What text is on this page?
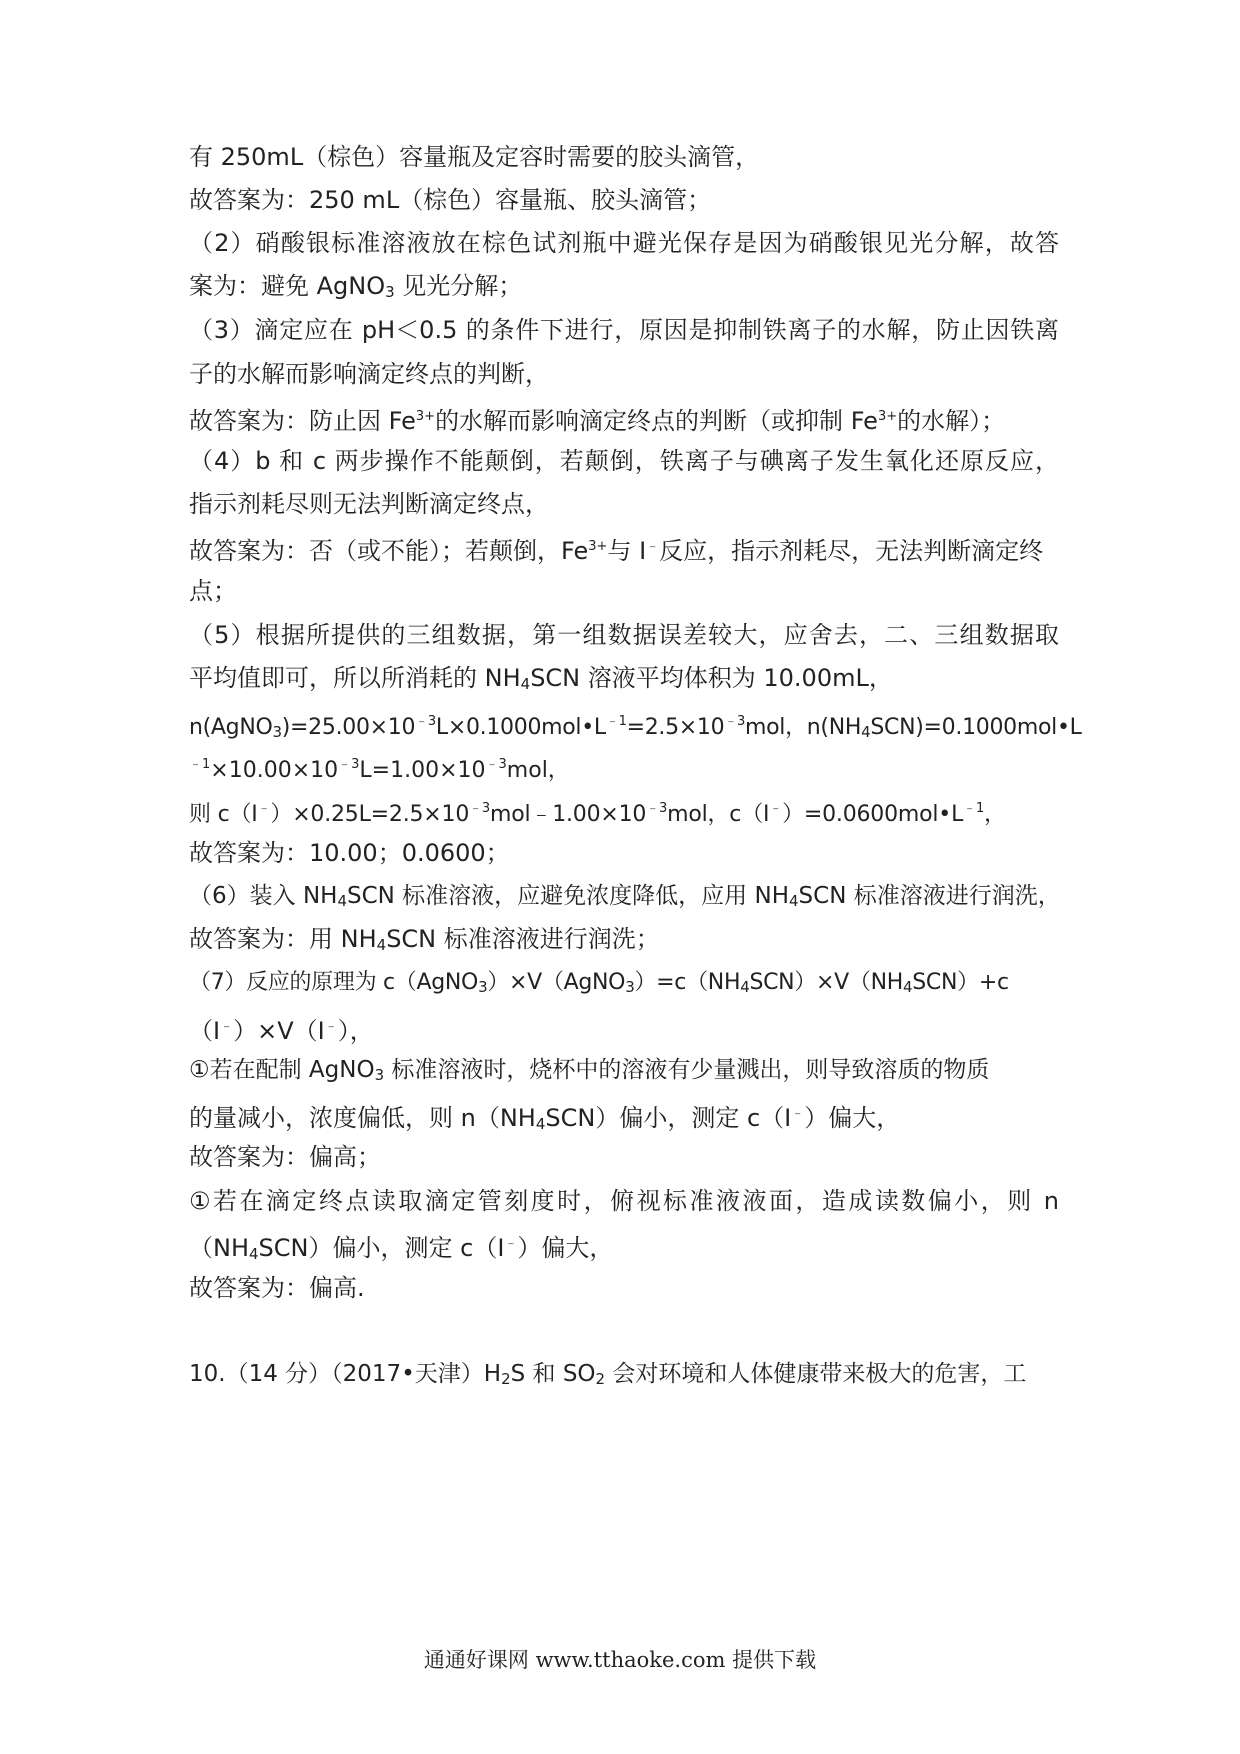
有 250mL（棕色）容量瓶及定容时需要的胶头滴管，
故答案为：250 mL（棕色）容量瓶、胶头滴管；
（2）硝酸银标准溶液放在棕色试剂瓶中避光保存是因为硝酸银见光分解，故答
案为：避免 AgNO$_3$ 见光分解；
（3）滴定应在 pH＜0.5 的条件下进行，原因是抑制铁离子的水解，防止因铁离
子的水解而影响滴定终点的判断，
故答案为：防止因 $Fe^{3+}$的水解而影响滴定终点的判断（或抑制 $Fe^{3+}$的水解）；
（4）b 和 c 两步操作不能颠倒，若颠倒，铁离子与碘离子发生氧化还原反应，
指示剂耗尽则无法判断滴定终点，
故答案为：否（或不能）；若颠倒，$Fe^{3+}$与 I﹣反应，指示剂耗尽，无法判断滴定终
点；
（5）根据所提供的三组数据，第一组数据误差较大，应舍去，二、三组数据取
平均值即可，所以所消耗的 $NH_4SCN$ 溶液平均体积为 10.00mL，
$n(AgNO_3)=25.00\times 10^{﹣3}L\times 0.1000mol•L^{﹣1}=2.5\times 10^{﹣3}mol$，$n(NH_4SCN)=0.1000mol•L$
$^{﹣1}\times 10.00\times 10^{﹣3}L=1.00\times 10^{﹣3}mol$，
则 $c(I^﹣)\times 0.25L=2.5\times 10^{﹣3}mol﹣1.00\times 10^{﹣3}mol$，$c(I^﹣)=0.0600mol•L^{﹣1}$，
故答案为：10.00；0.0600；
（6）装入 $NH_4SCN$ 标准溶液，应避免浓度降低，应用 $NH_4SCN$ 标准溶液进行润洗，
故答案为：用 $NH_4SCN$ 标准溶液进行润洗；
（7）反应的原理为 $c(AgNO_3)\times V(AgNO_3)=c(NH_4SCN)\times V(NH_4SCN)+c$
（I﹣）×V（I﹣），
①若在配制 AgNO$_3$ 标准溶液时，烧杯中的溶液有少量溅出，则导致溶质的物质
的量减小，浓度偏低，则 $n(NH_4SCN)$偏小，测定 c（I﹣）偏大，
故答案为：偏高；
①若在滴定终点读取滴定管刻度时，俯视标准液液面，造成读数偏小，则 n
$(NH_4SCN)$偏小，测定 c（I﹣）偏大，
故答案为：偏高.
10.（14 分）（2017•天津）$H_2S$ 和 $SO_2$ 会对环境和人体健康带来极大的危害，工
通通好课网 www.tthaoke.com 提供下载
